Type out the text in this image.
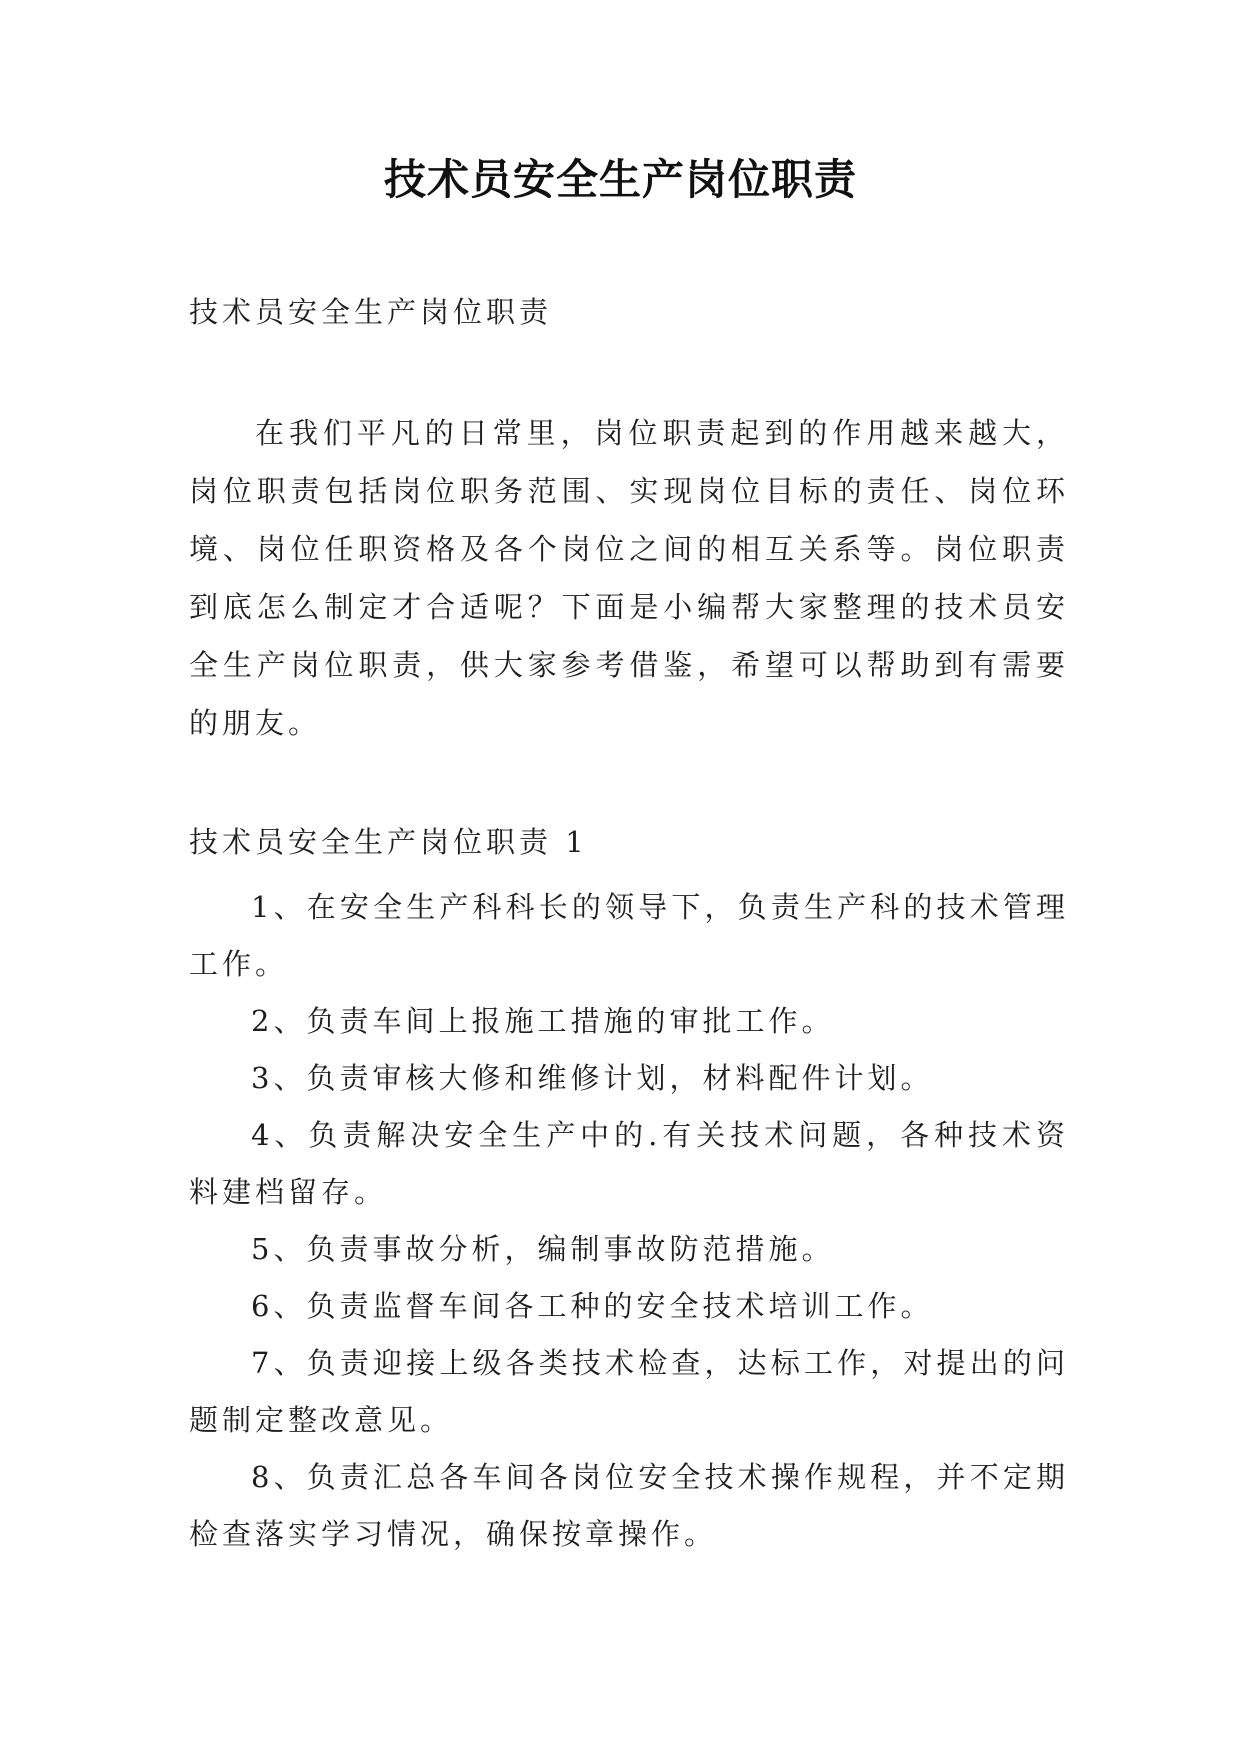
技术员安全生产岗位职责
技术员安全生产岗位职责

在我们平凡的日常里，岗位职责起到的作用越来越大，岗位职责包括岗位职务范围、实现岗位目标的责任、岗位环境、岗位任职资格及各个岗位之间的相互关系等。岗位职责到底怎么制定才合适呢？下面是小编帮大家整理的技术员安全生产岗位职责，供大家参考借鉴，希望可以帮助到有需要的朋友。

技术员安全生产岗位职责 1
1、在安全生产科科长的领导下，负责生产科的技术管理工作。
2、负责车间上报施工措施的审批工作。
3、负责审核大修和维修计划，材料配件计划。
4、负责解决安全生产中的.有关技术问题，各种技术资料建档留存。
5、负责事故分析，编制事故防范措施。
6、负责监督车间各工种的安全技术培训工作。
7、负责迎接上级各类技术检查，达标工作，对提出的问题制定整改意见。
8、负责汇总各车间各岗位安全技术操作规程，并不定期检查落实学习情况，确保按章操作。
